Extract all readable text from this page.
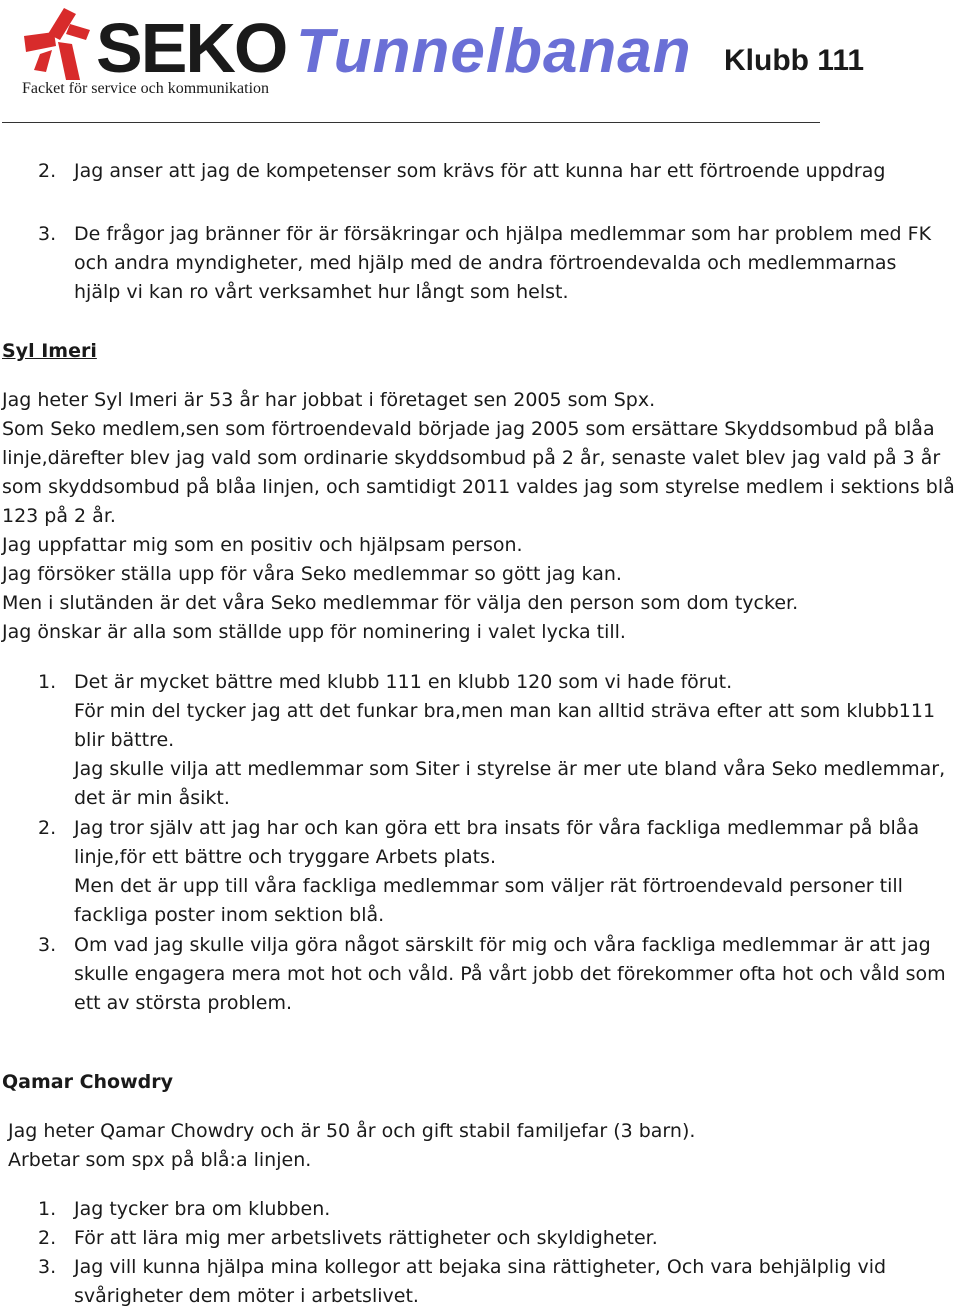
SEKO
Facket för service och kommunikation
Tunnelbanan Klubb 111
2. Jag anser att jag de kompetenser som krävs för att kunna har ett förtroende uppdrag
3. De frågor jag bränner för är försäkringar och hjälpa medlemmar som har problem med FK
och andra myndigheter, med hjälp med de andra förtroendevalda och medlemmarnas
hjälp vi kan ro vårt verksamhet hur långt som helst.
Syl Imeri
Jag heter Syl Imeri är 53 år har jobbat i företaget sen 2005 som Spx.
Som Seko medlem,sen som förtroendevald började jag 2005 som ersättare Skyddsombud på blåa
linje,därefter blev jag vald som ordinarie skyddsombud på 2 år, senaste valet blev jag vald på 3 år
som skyddsombud på blåa linjen, och samtidigt 2011 valdes jag som styrelse medlem i sektions blå
123 på 2 år.
Jag uppfattar mig som en positiv och hjälpsam person.
Jag försöker ställa upp för våra Seko medlemmar so gött jag kan.
Men i slutänden är det våra Seko medlemmar för välja den person som dom tycker.
Jag önskar är alla som ställde upp för nominering i valet lycka till.
1. Det är mycket bättre med klubb 111 en klubb 120 som vi hade förut.
För min del tycker jag att det funkar bra,men man kan alltid sträva efter att som klubb111
blir bättre.
Jag skulle vilja att medlemmar som Siter i styrelse är mer ute bland våra Seko medlemmar,
det är min åsikt.
2. Jag tror själv att jag har och kan göra ett bra insats för våra fackliga medlemmar på blåa
linje,för ett bättre och tryggare Arbets plats.
Men det är upp till våra fackliga medlemmar som väljer rät förtroendevald personer till
fackliga poster inom sektion blå.
3. Om vad jag skulle vilja göra något särskilt för mig och våra fackliga medlemmar är att jag
skulle engagera mera mot hot och våld. På vårt jobb det förekommer ofta hot och våld som
ett av största problem.
Qamar Chowdry
Jag heter Qamar Chowdry och är 50 år och gift stabil familjefar (3 barn).
Arbetar som spx på blå:a linjen.
1. Jag tycker bra om klubben.
2. För att lära mig mer arbetslivets rättigheter och skyldigheter.
3. Jag vill kunna hjälpa mina kollegor att bejaka sina rättigheter, Och vara behjälplig vid
svårigheter dem möter i arbetslivet.
